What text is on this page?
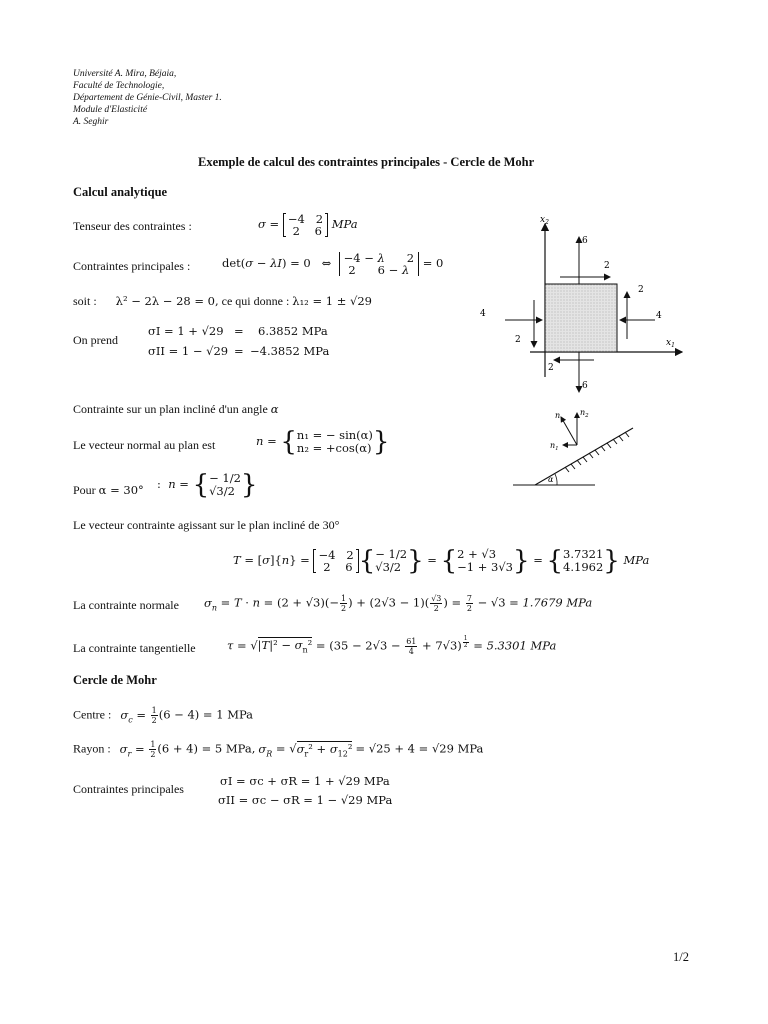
Université A. Mira, Béjaia,
Faculté de Technologie,
Département de Génie-Civil, Master 1.
Module d'Elasticité
A. Seghir
Exemple de calcul des contraintes principales - Cercle de Mohr
Calcul analytique
Tenseur des contraintes :	σ = −4   2
2    6 MPa
Contraintes principales :	det(σ − λI) = 0   ⇔ −4 − λ      2
2      6 − λ = 0
soit : λ² − 2λ − 28 = 0, ce qui donne : λ₁₂ = 1 ± √29
On prend
σI = 1 + √29	6.3852 MPa
=
σII = 1 − √29 = −4.3852 MPa
$x_2$
$x_1$
6
2
2
4
4
2
2
6
Contrainte sur un plan incliné d'un angle α
Le vecteur normal au plan est	n = { n₁ = − sin(α)
n₂ = +cos(α) }
Pour α = 30° :  n = { − 1/2
√3/2 }
n $n_2$
$n_1$
α
Le vecteur contrainte agissant sur le plan incliné de 30°
T = [σ]{n} = −4   2
2    6 { − 1/2
√3/2 } = { 2 + √3
−1 + 3√3 } = { 3.7321
4.1962 } MPa
La contrainte normale $\sigma_n = T \cdot n = (2 + √3)(- \frac{1}{2}$ ) + $(2√3 - 1)( \frac{√3}{2}$ ) = $\frac{7}{2} - √3 = 1.7679$ MPa
La contrainte tangentielle	$\tau = √|T|^2 - \sigma_n^2 = (35 - 2√3 - \frac{61}{4} + 7√3) ^{\frac{1}{2}} = 5.3301$ MPa
Cercle de Mohr
Centre : $\sigma_c = \frac{1}{2} (6 - 4) = 1$ MPa
Rayon : $\sigma_r = \frac{1}{2} (6 + 4) = 5$ MPa, $\sigma_R = √\sigma_r^2 + \sigma_{12}^2 = √25 + 4 = √29$ MPa
Contraintes principales
σI = σc + σR = 1 + √29 MPa
σII = σc − σR = 1 − √29 MPa
1/2
